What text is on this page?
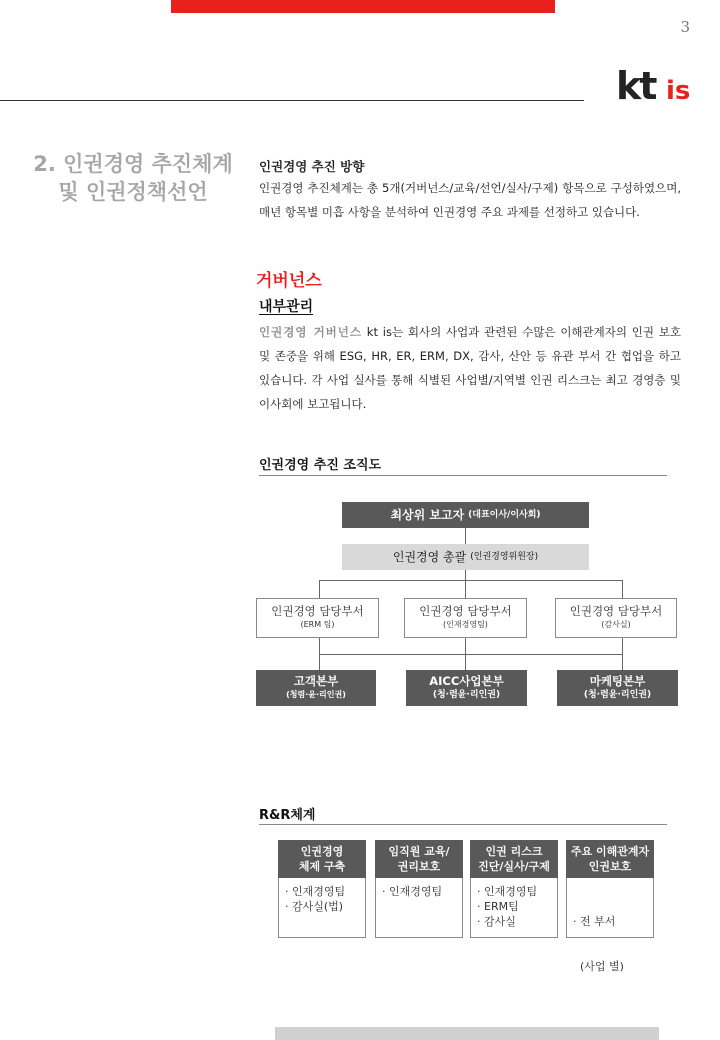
3
kt is
2. 인권경영 추진체계
및 인권정책선언
인권경영 추진 방향
인권경영 추진체계는 총 5개(거버넌스/교육/선언/실사/구제) 항목으로 구성하였으며, 매년 항목별 미흡 사항을 분석하여 인권경영 주요 과제를 선정하고 있습니다.
거버넌스
내부관리
인권경영 거버넌스 kt is는 회사의 사업과 관련된 수많은 이해관계자의 인권 보호 및 존중을 위해 ESG, HR, ER, ERM, DX, 감사, 산안 등 유관 부서 간 협업을 하고 있습니다. 각 사업 실사를 통해 식별된 사업별/지역별 인권 리스크는 최고 경영층 및 이사회에 보고됩니다.
인권경영 추진 조직도
R&R체계
최상위 보고자 (대표이사/이사회)
인권경영 총괄 (인권경영위원장)
인권경영 담당부서
(ERM 팀)
인권경영 담당부서
(인재경영팀)
인권경영 담당부서
(감사실)
고객본부
(청렴·윤·리인권)
AICC사업본부
(청·렴윤·리인권)
마케팅본부
(청·렴윤·리인권)
인권경영
체제 구축
· 인재경영팀
· 감사실(법)
임직원 교육/
권리보호
· 인재경영팀
인권 리스크
진단/실사/구제
· 인재경영팀
· ERM팀
· 감사실
주요 이해관계자
인권보호

· 전 부서

(사업 별)
